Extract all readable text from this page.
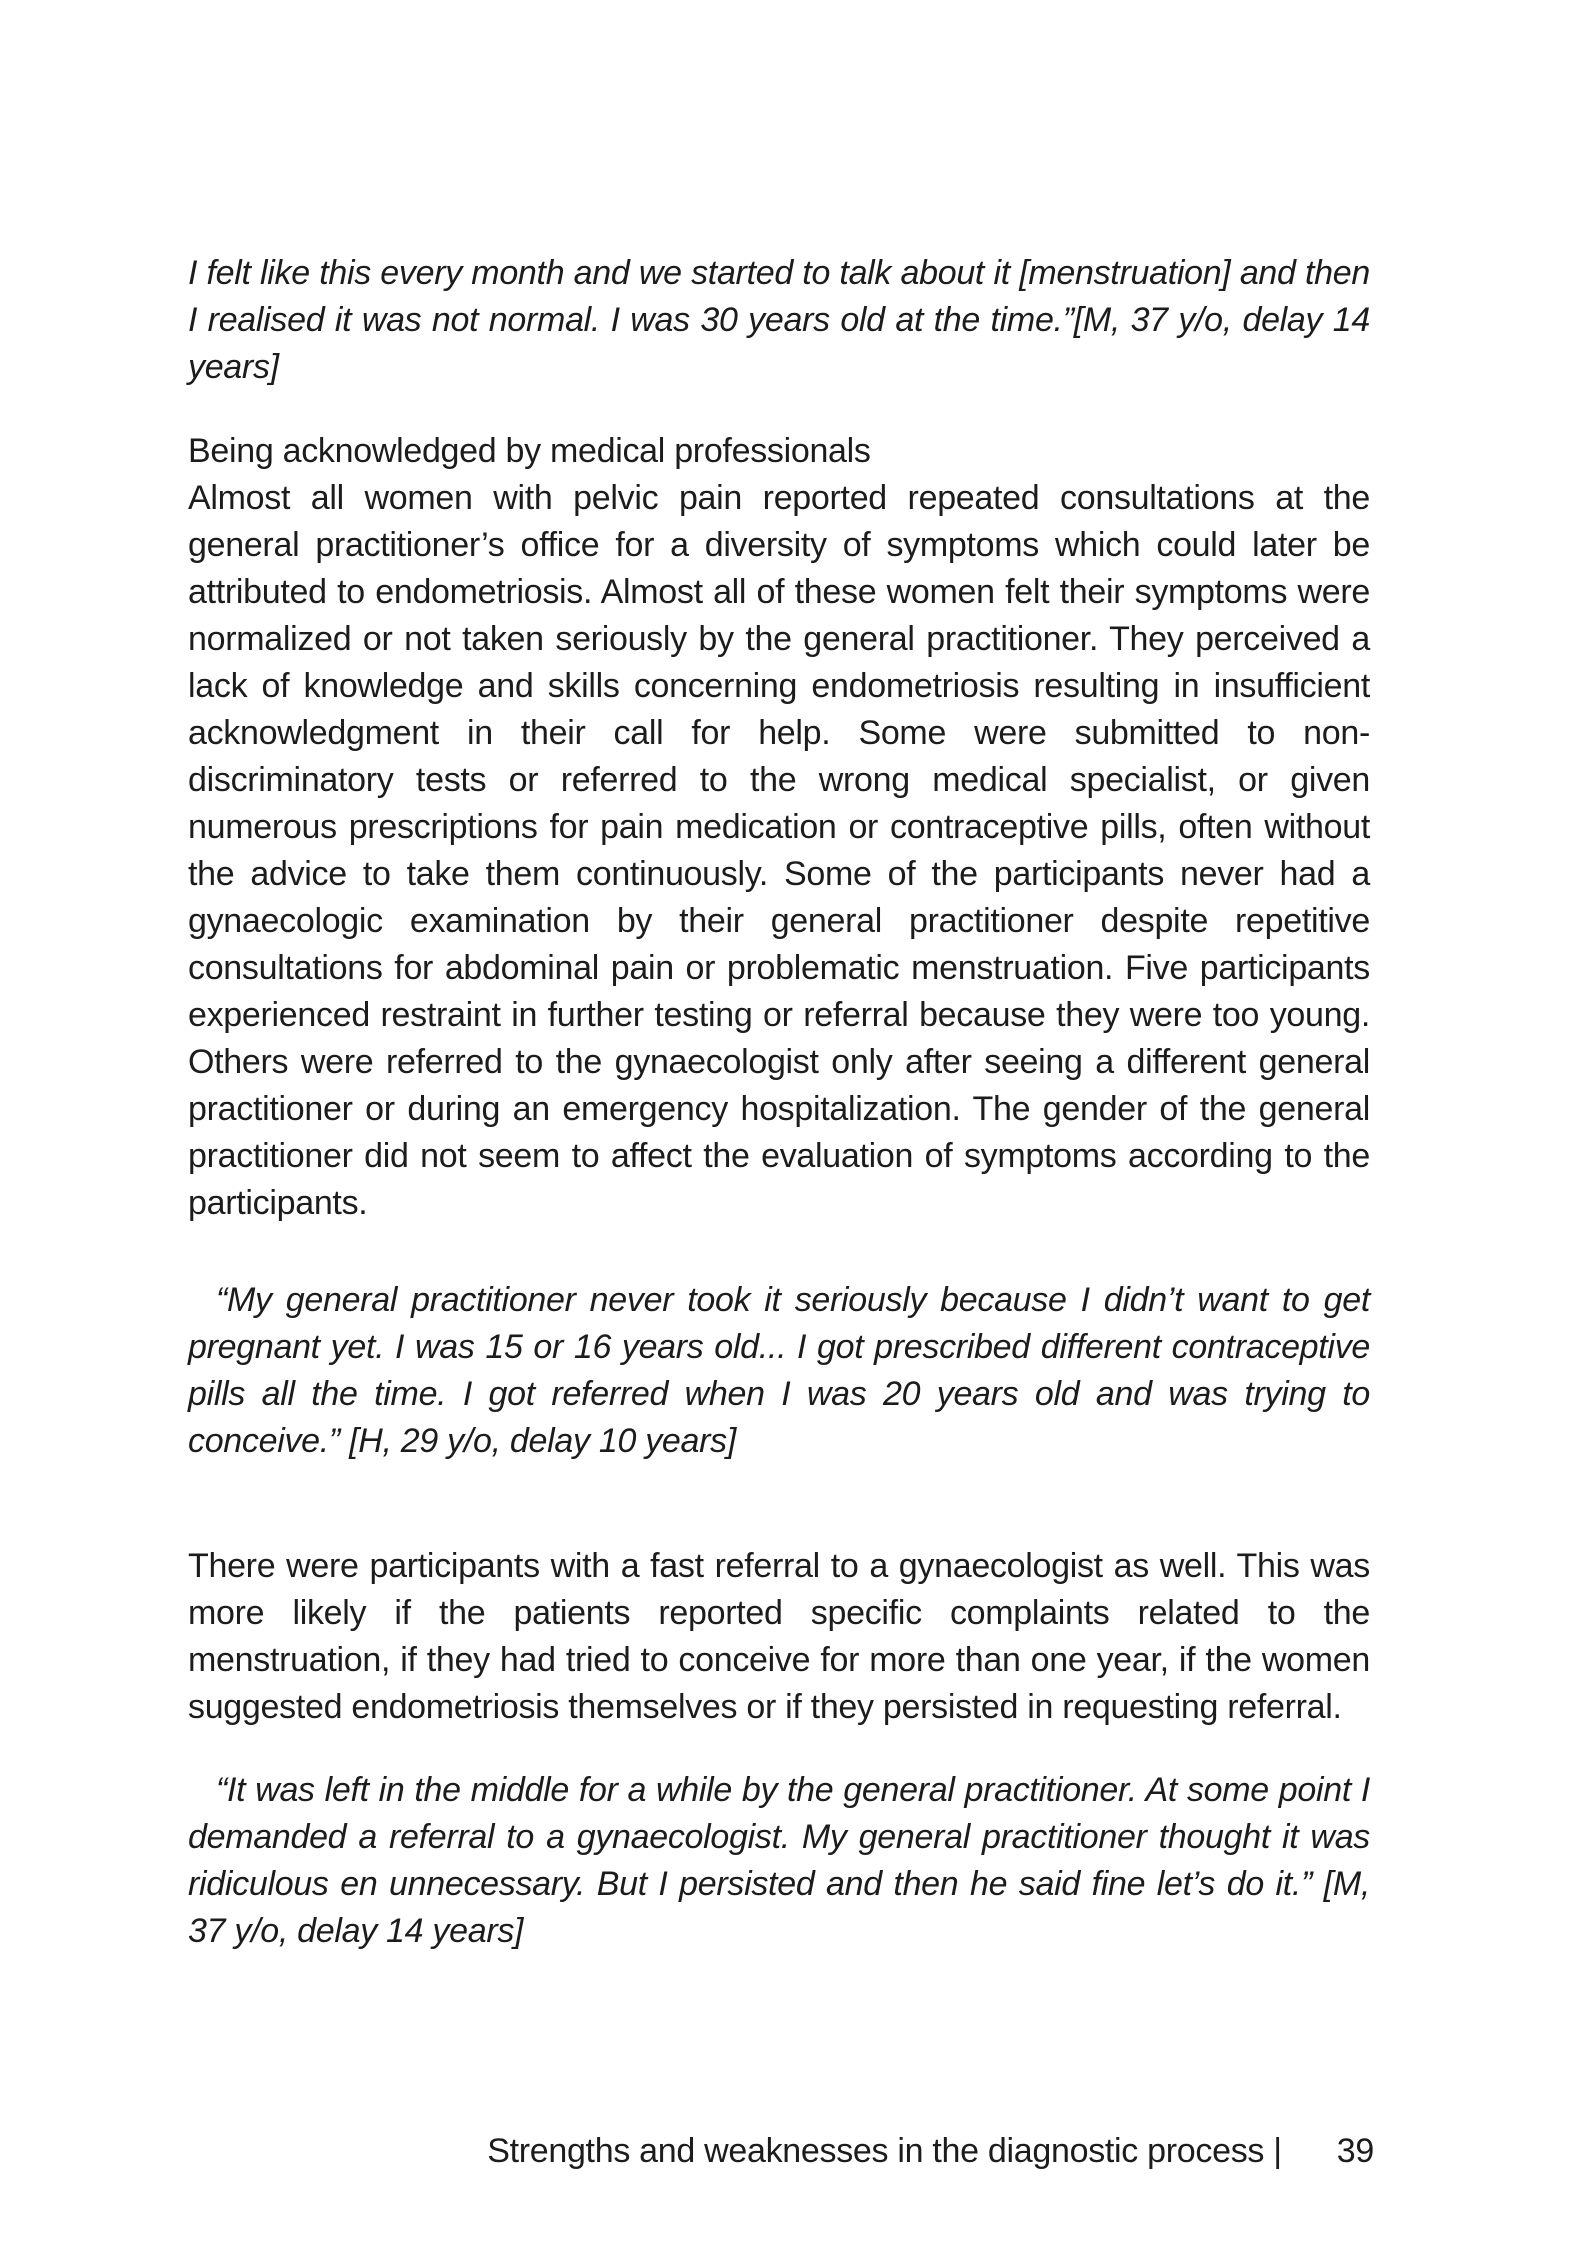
I felt like this every month and we started to talk about it [menstruation] and then I realised it was not normal. I was 30 years old at the time.”[M, 37 y/o, delay 14 years]

Being acknowledged by medical professionals

Almost all women with pelvic pain reported repeated consultations at the general practitioner’s office for a diversity of symptoms which could later be attributed to endometriosis. Almost all of these women felt their symptoms were normalized or not taken seriously by the general practitioner. They perceived a lack of knowledge and skills concerning endometriosis resulting in insufficient acknowledgment in their call for help. Some were submitted to non-discriminatory tests or referred to the wrong medical specialist, or given numerous prescriptions for pain medication or contraceptive pills, often without the advice to take them continuously. Some of the participants never had a gynaecologic examination by their general practitioner despite repetitive consultations for abdominal pain or problematic menstruation. Five participants experienced restraint in further testing or referral because they were too young. Others were referred to the gynaecologist only after seeing a different general practitioner or during an emergency hospitalization. The gender of the general practitioner did not seem to affect the evaluation of symptoms according to the participants.

“My general practitioner never took it seriously because I didn’t want to get pregnant yet. I was 15 or 16 years old... I got prescribed different contraceptive pills all the time. I got referred when I was 20 years old and was trying to conceive.” [H, 29 y/o, delay 10 years]

There were participants with a fast referral to a gynaecologist as well. This was more likely if the patients reported specific complaints related to the menstruation, if they had tried to conceive for more than one year, if the women suggested endometriosis themselves or if they persisted in requesting referral.

“It was left in the middle for a while by the general practitioner. At some point I demanded a referral to a gynaecologist. My general practitioner thought it was ridiculous en unnecessary. But I persisted and then he said fine let’s do it.” [M, 37 y/o, delay 14 years]

Strengths and weaknesses in the diagnostic process | 39
